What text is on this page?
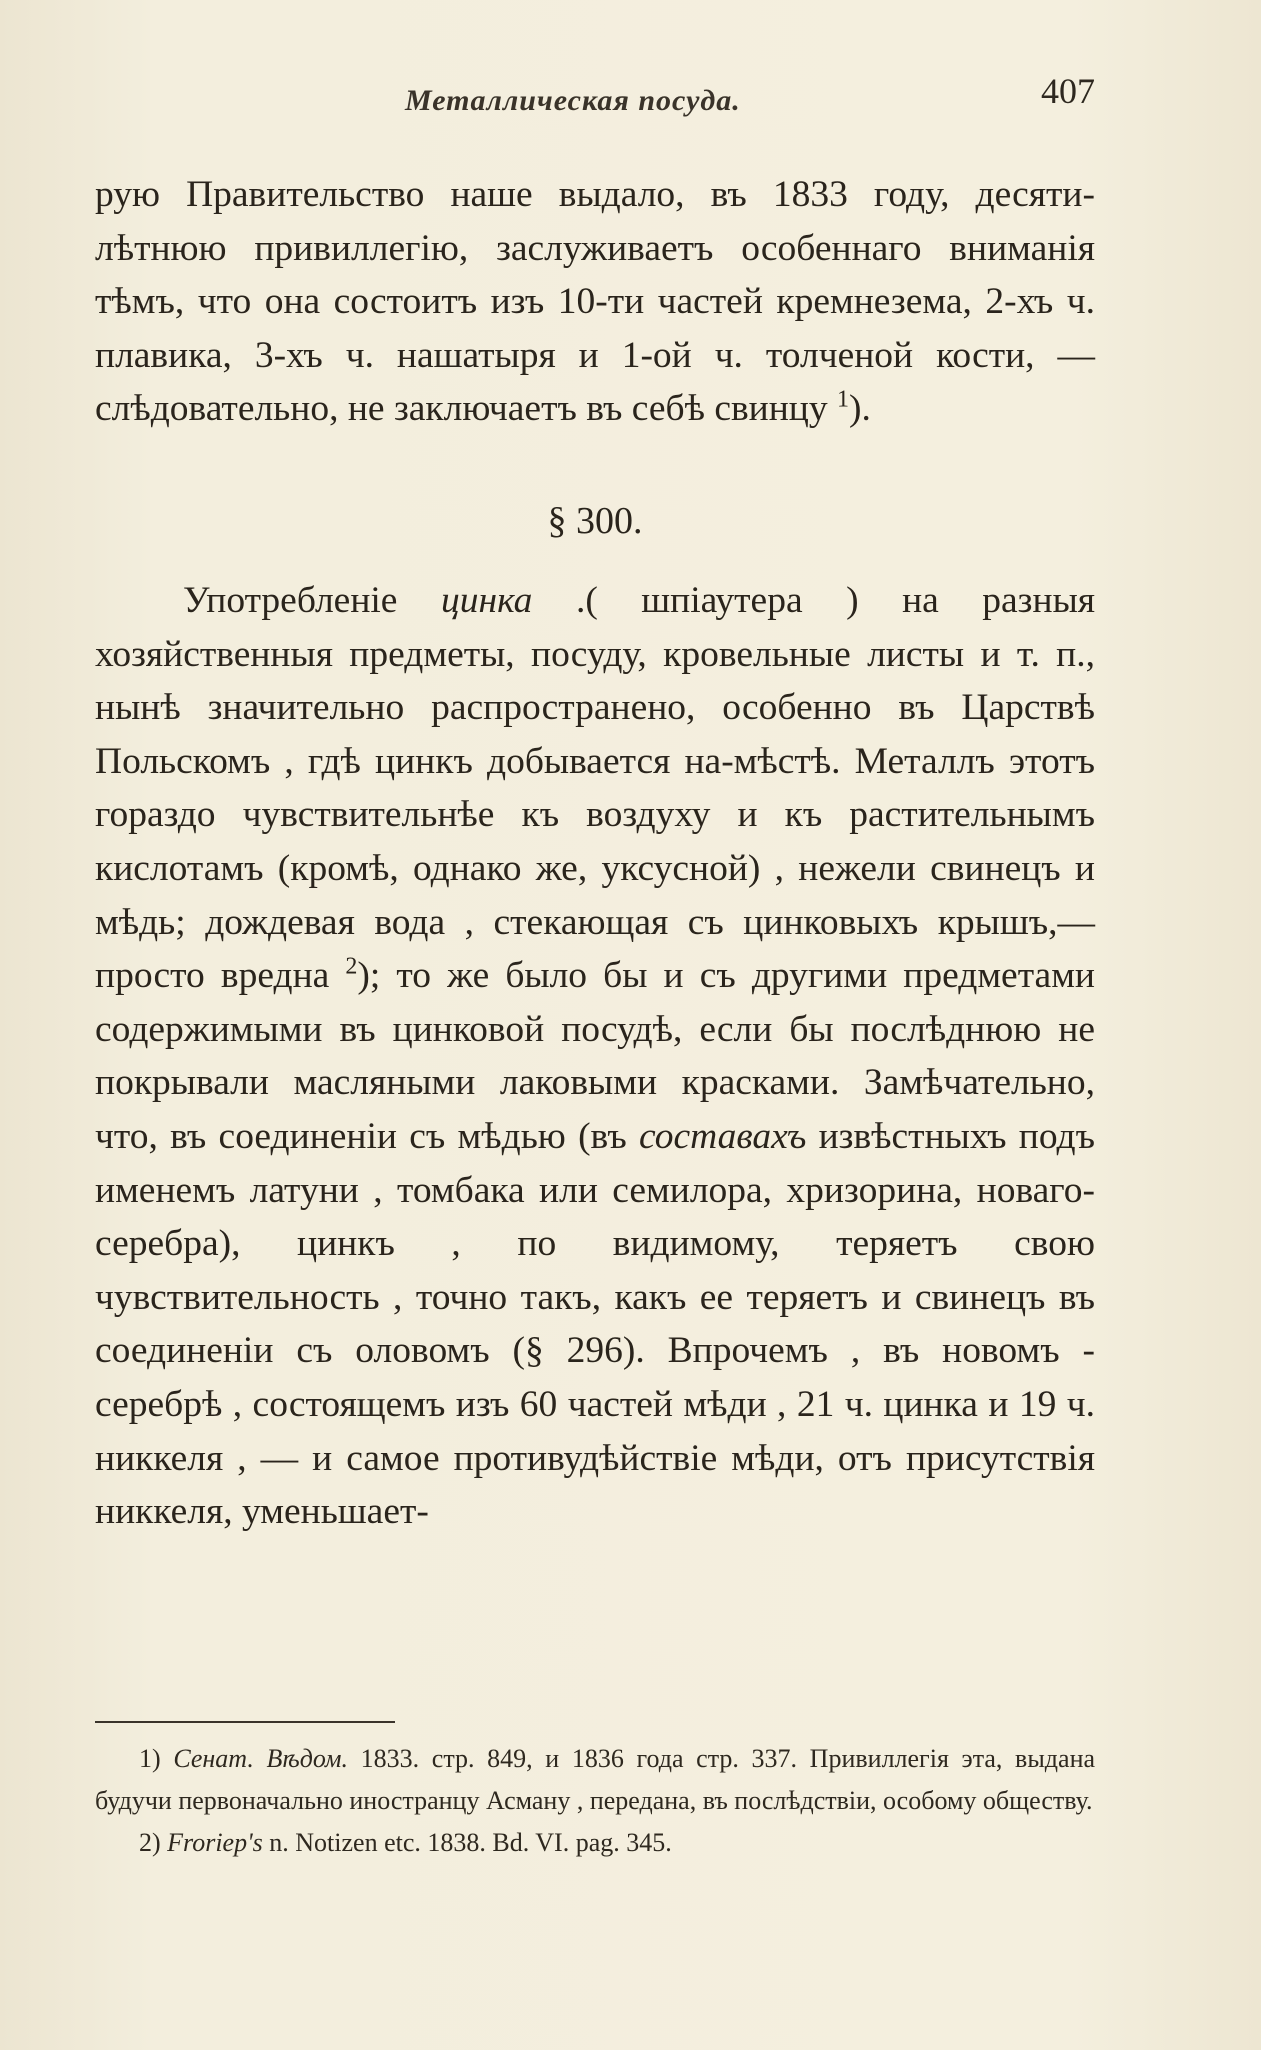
Металлическая посуда.	407
рую Правительство наше выдало, въ 1833 году, десяти-лѣтнюю привиллегію, заслуживаетъ особеннаго вниманія тѣмъ, что она состоитъ изъ 10-ти частей кремнезема, 2-хъ ч. плавика, 3-хъ ч. нашатыря и 1-ой ч. толченой кости, — слѣдовательно, не заключаетъ въ себѣ свинцу $^1$).
§ 300.
Употребленіе цинка .( шпіаутера ) на разныя хозяйственныя предметы, посуду, кровельные листы и т. п., нынѣ значительно распространено, особенно въ Царствѣ Польскомъ , гдѣ цинкъ добывается на-мѣстѣ. Металлъ этотъ гораздо чувствительнѣе къ воздуху и къ растительнымъ кислотамъ (кромѣ, однако же, уксусной) , нежели свинецъ и мѣдь; дождевая вода , стекающая съ цинковыхъ крышъ,— просто вредна $^2$); то же было бы и съ другими предметами содержимыми въ цинковой посудѣ, если бы послѣднюю не покрывали масляными лаковыми красками. Замѣчательно, что, въ соединеніи съ мѣдью (въ составахъ извѣстныхъ подъ именемъ латуни , томбака или семилора, хризорина, новаго-серебра), цинкъ , по видимому, теряетъ свою чувствительность , точно такъ, какъ ее теряетъ и свинецъ въ соединеніи съ оловомъ (§ 296). Впрочемъ , въ новомъ - серебрѣ , состоящемъ изъ 60 частей мѣди , 21 ч. цинка и 19 ч. никкеля , — и самое противудѣйствіе мѣди, отъ присутствія никкеля, уменьшает-

1) Сенат. Вѣдом. 1833. стр. 849, и 1836 года стр. 337. Привиллегія эта, выдана будучи первоначально иностранцу Асману , передана, въ послѣдствіи, особому обществу.

2) Froriep's n. Notizen etc. 1838. Bd. VI. pag. 345.
